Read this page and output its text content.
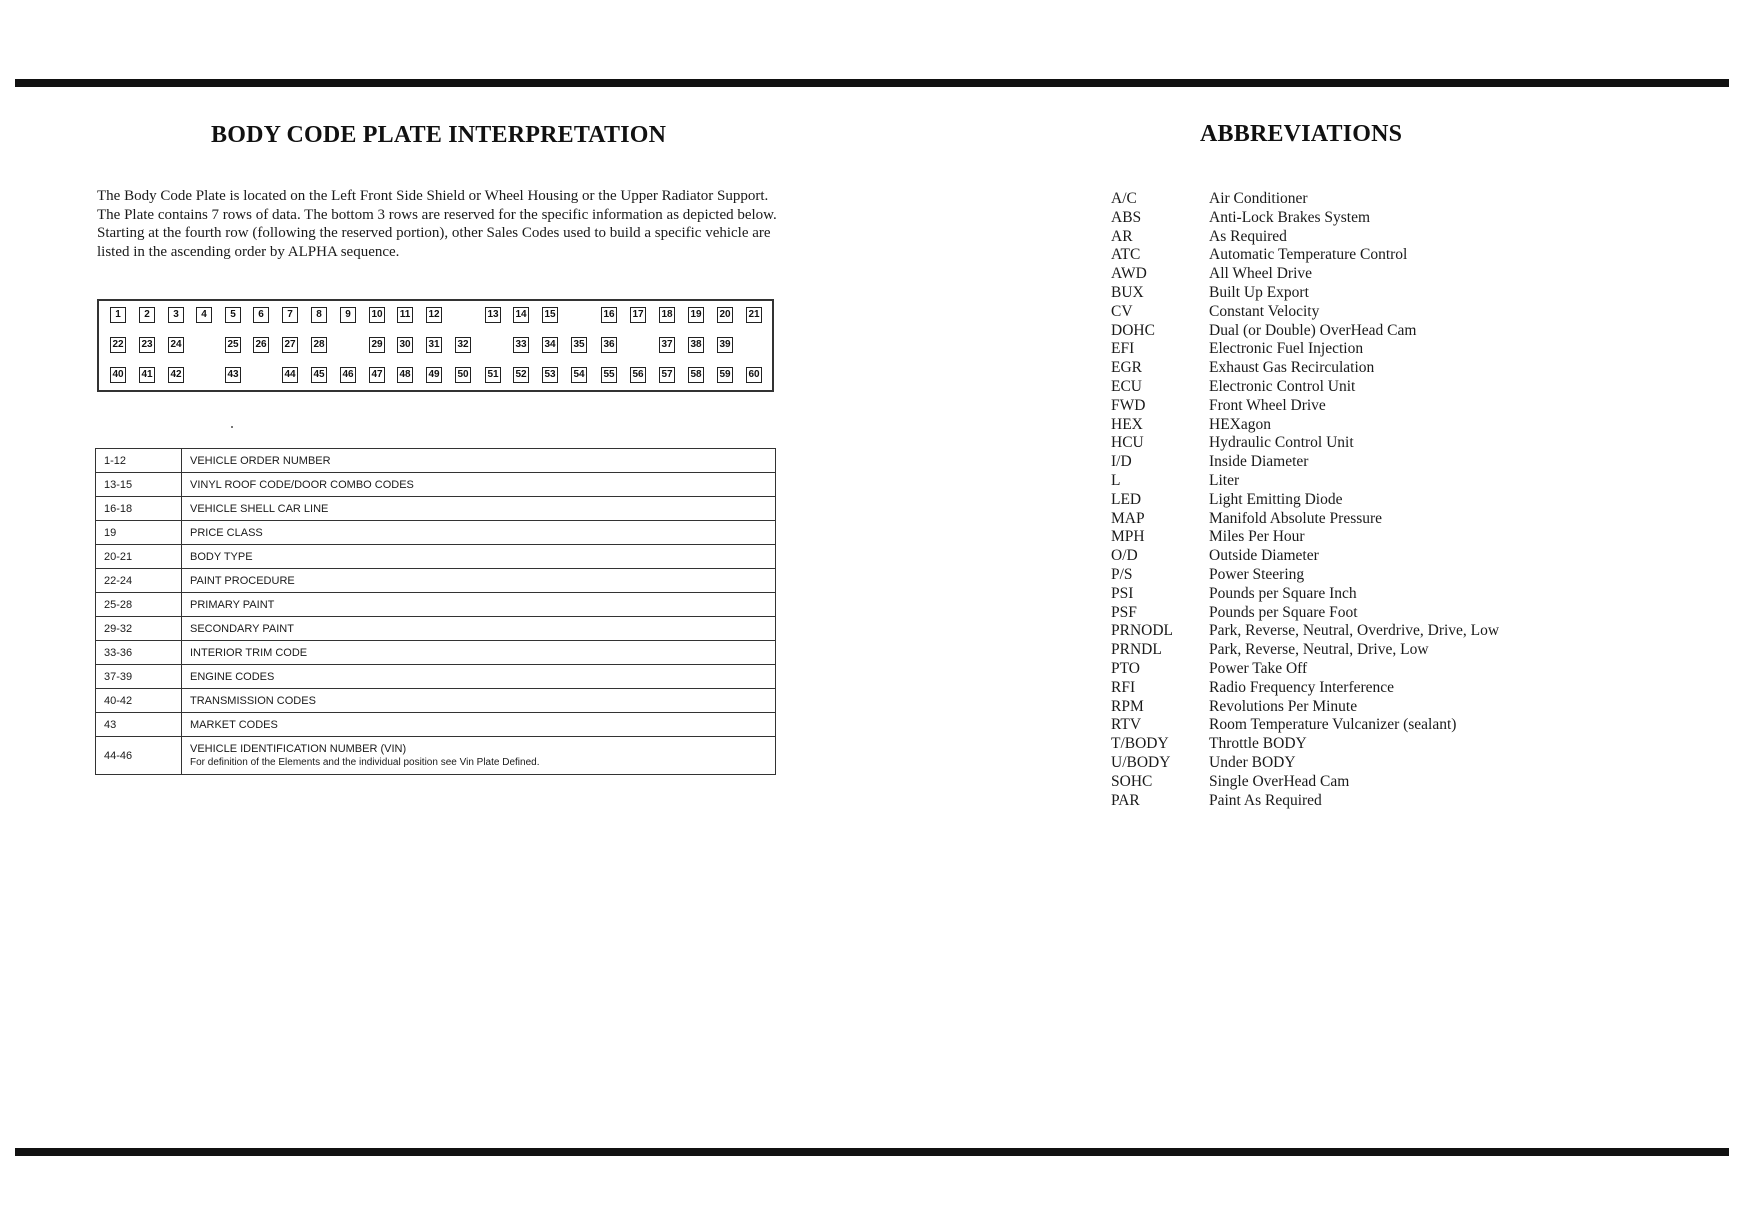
BODY CODE PLATE INTERPRETATION

The Body Code Plate is located on the Left Front Side Shield or Wheel Housing or the Upper Radiator Support. The Plate contains 7 rows of data. The bottom 3 rows are reserved for the specific information as depicted below. Starting at the fourth row (following the reserved portion), other Sales Codes used to build a specific vehicle are listed in the ascending order by ALPHA sequence.

1	2	3	4	5	6	7	8	9	10 11 12	13 14 15	16 17 18 19 20 21
22 23 24	25 26 27 28	29 30 31 32	33 34 35 36	37 38 39
40 41 42	43	44 45 46 47 48 49 50 51 52 53 54 55 56 57 58 59 60
1-12	VEHICLE ORDER NUMBER

13-15	VINYL ROOF CODE/DOOR COMBO CODES

16-18	VEHICLE SHELL CAR LINE

19	PRICE CLASS

20-21	BODY TYPE

22-24	PAINT PROCEDURE

25-28	PRIMARY PAINT

29-32	SECONDARY PAINT

33-36	INTERIOR TRIM CODE

37-39	ENGINE CODES

40-42	TRANSMISSION CODES

43	MARKET CODES

44-46	VEHICLE IDENTIFICATION NUMBER (VIN)
For definition of the Elements and the individual position see Vin Plate Defined.
ABBREVIATIONS
A/C	Air Conditioner
ABS	Anti-Lock Brakes System
AR	As Required
ATC	Automatic Temperature Control
AWD	All Wheel Drive
BUX	Built Up Export
CV	Constant Velocity
DOHC	Dual (or Double) OverHead Cam
EFI	Electronic Fuel Injection
EGR	Exhaust Gas Recirculation
ECU	Electronic Control Unit
FWD	Front Wheel Drive
HEX	HEXagon
HCU	Hydraulic Control Unit
I/D	Inside Diameter
L	Liter
LED	Light Emitting Diode
MAP	Manifold Absolute Pressure
MPH	Miles Per Hour
O/D	Outside Diameter
P/S	Power Steering
PSI	Pounds per Square Inch
PSF	Pounds per Square Foot
PRNODL Park, Reverse, Neutral, Overdrive, Drive, Low
PRNDL	Park, Reverse, Neutral, Drive, Low
PTO	Power Take Off
RFI	Radio Frequency Interference
RPM	Revolutions Per Minute
RTV	Room Temperature Vulcanizer (sealant)
T/BODY	Throttle BODY
U/BODY Under BODY
SOHC	Single OverHead Cam
PAR	Paint As Required
